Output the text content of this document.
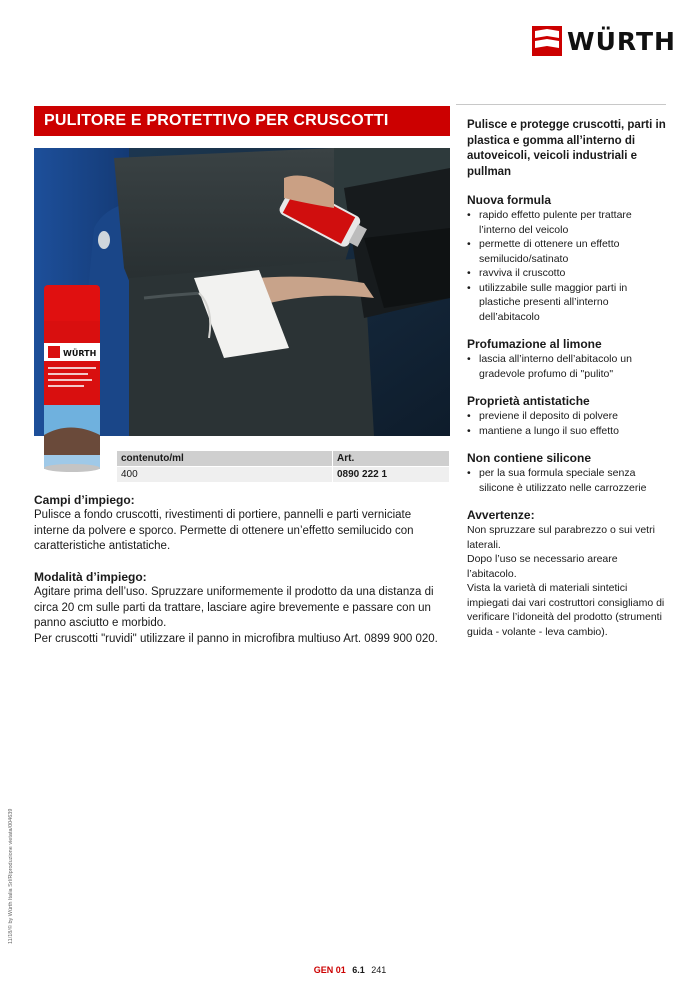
WÜRTH
PULITORE E PROTETTIVO PER CRUSCOTTI
WÜRTH
contenuto/ml	Art.
400	0890 222 1
Campi d’impiego:

Pulisce a fondo cruscotti, rivestimenti di portiere, pannelli e parti verniciate interne da polvere e sporco. Permette di ottenere un’effetto semilucido con caratteristiche antistatiche.

Modalità d’impiego:

Agitare prima dell’uso. Spruzzare uniformemente il prodotto da una distanza di circa 20 cm sulle parti da trattare, lasciare agire brevemente e passare con un panno asciutto e morbido.

Per cruscotti "ruvidi" utilizzare il panno in microfibra multiuso Art. 0899 900 020.

Pulisce e protegge cruscotti, parti in plastica e gomma all’interno di autoveicoli, veicoli industriali e pullman

Nuova formula
• rapido effetto pulente per trattare l’interno del veicolo
• permette di ottenere un effetto semilucido/satinato
• ravviva il cruscotto
• utilizzabile sulle maggior parti in plastiche presenti all’interno dell’abitacolo
Profumazione al limone
• lascia all’interno dell’abitacolo un gradevole profumo di "pulito"
Proprietà antistatiche
• previene il deposito di polvere
• mantiene a lungo il suo effetto
Non contiene silicone
• per la sua formula speciale senza silicone è utilizzato nelle carrozzerie
Avvertenze:

Non spruzzare sul parabrezzo o sui vetri laterali.

Dopo l’uso se necessario areare l’abitacolo.

Vista la varietà di materiali sintetici impiegati dai vari costruttori consigliamo di verificare l’idoneità del prodotto (strumenti guida - volante - leva cambio).

11/18/© by Würth Italia Srl/Riproduzione vietata/004639
GEN 01 6.1 241
